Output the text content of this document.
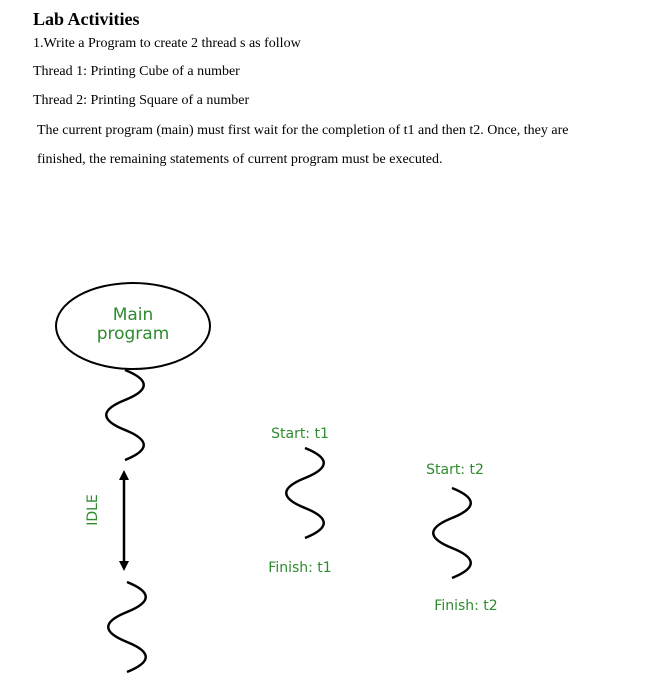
Lab Activities

1.Write a Program to create 2 thread s as follow

Thread 1: Printing Cube of a number

Thread 2: Printing Square of a number

The current program (main) must first wait for the completion of t1 and then t2. Once, they are

finished, the remaining statements of current program must be executed.

Main
program
IDLE
Start: t1
Finish: t1
Start: t2
Finish: t2
